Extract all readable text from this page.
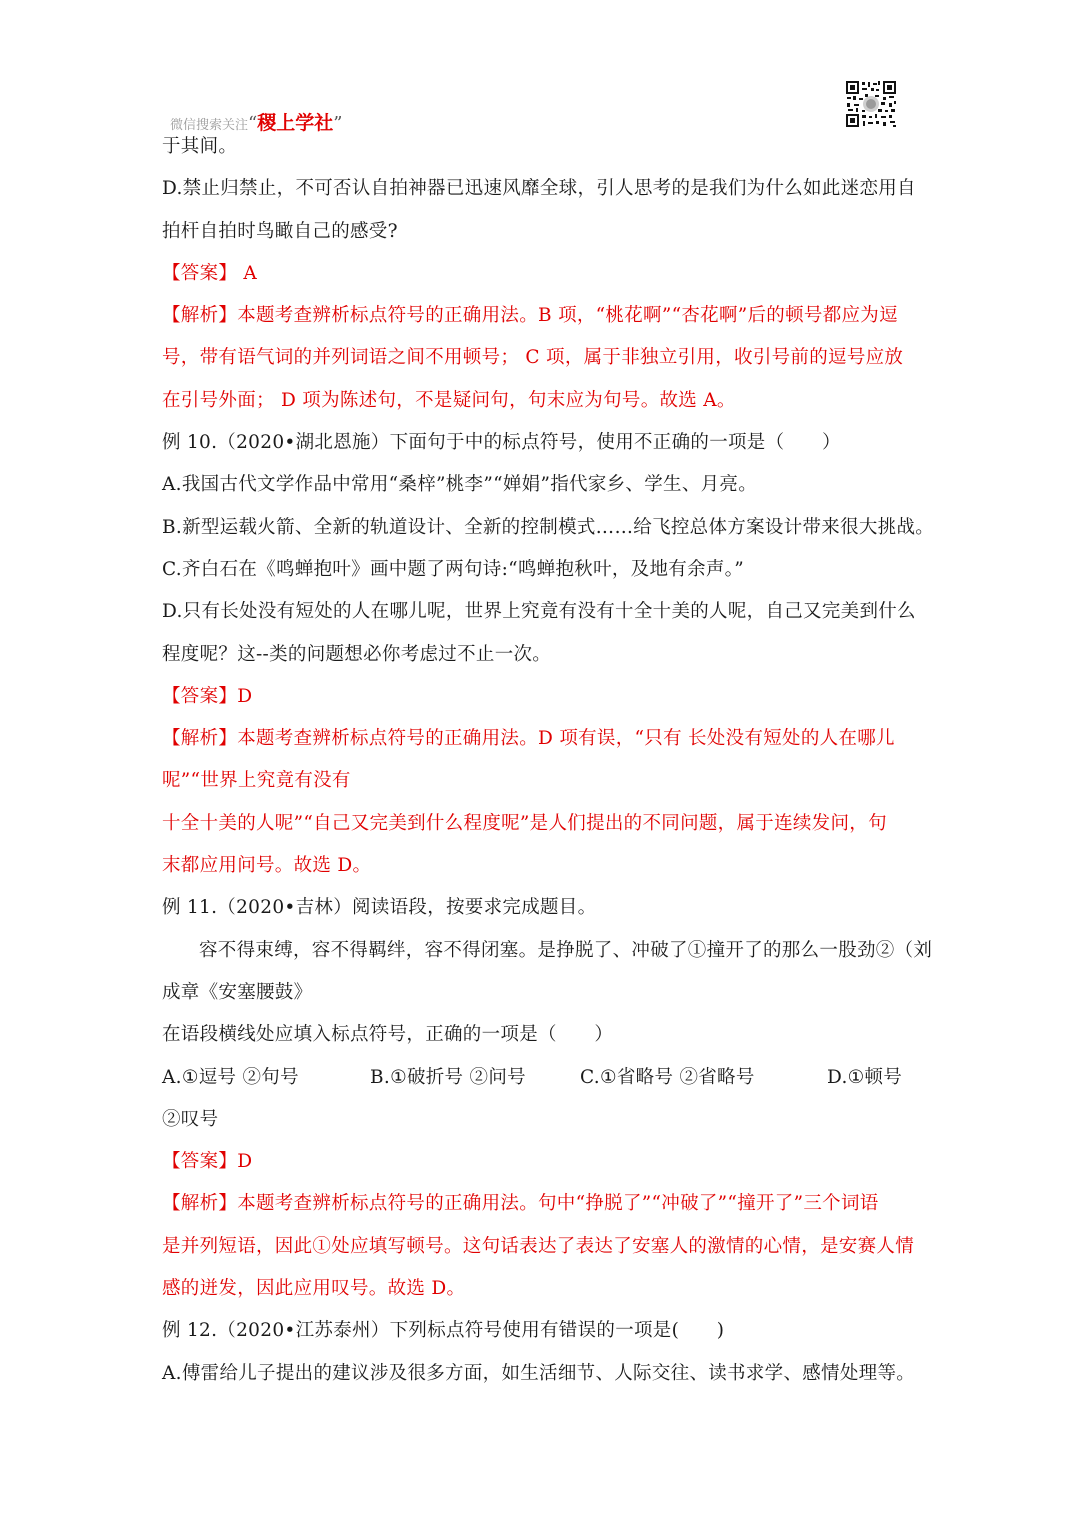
微信搜索关注“稷上学社”
于其间。
D.禁止归禁止，不可否认自拍神器已迅速风靡全球，引人思考的是我们为什么如此迷恋用自
拍杆自拍时鸟瞰自己的感受?
【答案】 A
【解析】本题考查辨析标点符号的正确用法。B 项，“桃花啊”“杏花啊”后的顿号都应为逗
号，带有语气词的并列词语之间不用顿号； C 项，属于非独立引用，收引号前的逗号应放
在引号外面； D 项为陈述句，不是疑问句，句末应为句号。故选 A。
例 10.（2020•湖北恩施）下面句于中的标点符号，使用不正确的一项是（　　）
A.我国古代文学作品中常用“桑梓”桃李”“婵娟”指代家乡、学生、月亮。
B.新型运载火箭、全新的轨道设计、全新的控制模式……给飞控总体方案设计带来很大挑战。
C.齐白石在《鸣蝉抱叶》画中题了两句诗:“鸣蝉抱秋叶，及地有余声。”
D.只有长处没有短处的人在哪儿呢，世界上究竟有没有十全十美的人呢，自己又完美到什么
程度呢？这--类的问题想必你考虑过不止一次。
【答案】D
【解析】本题考查辨析标点符号的正确用法。D 项有误，“只有 长处没有短处的人在哪儿
呢”“世界上究竟有没有
十全十美的人呢”“自己又完美到什么程度呢”是人们提出的不同问题，属于连续发问，句
末都应用问号。故选 D。
例 11.（2020•吉林）阅读语段，按要求完成题目。
容不得束缚，容不得羁绊，容不得闭塞。是挣脱了、冲破了①撞开了的那么一股劲②（刘
成章《安塞腰鼓》
在语段横线处应填入标点符号，正确的一项是（　　）
A.①逗号 ②句号	B.①破折号 ②问号	C.①省略号 ②省略号	D.①顿号
②叹号
【答案】D
【解析】本题考查辨析标点符号的正确用法。句中“挣脱了”“冲破了”“撞开了”三个词语
是并列短语，因此①处应填写顿号。这句话表达了表达了安塞人的激情的心情，是安赛人情
感的迸发，因此应用叹号。故选 D。
例 12.（2020•江苏泰州）下列标点符号使用有错误的一项是(　　)
A.傅雷给儿子提出的建议涉及很多方面，如生活细节、人际交往、读书求学、感情处理等。
